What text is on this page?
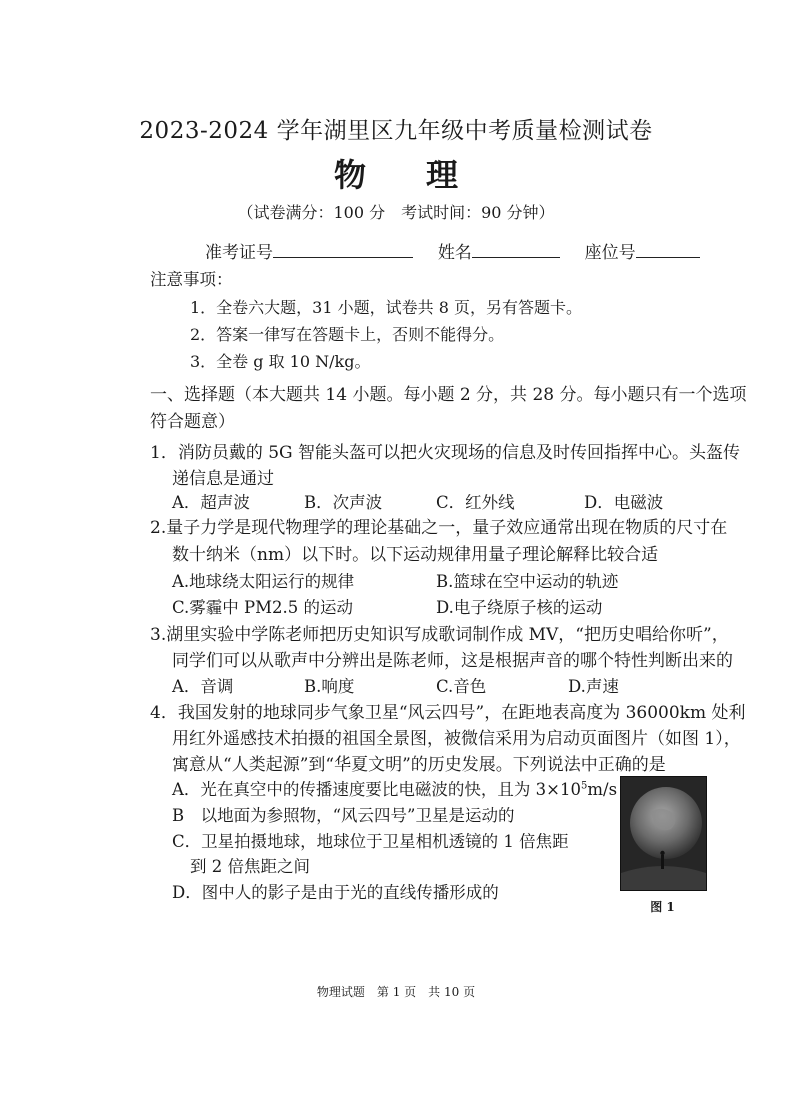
2023-2024 学年湖里区九年级中考质量检测试卷
物 理
（试卷满分：100 分　考试时间：90 分钟）
准考证号	姓名	座位号
注意事项：
1．全卷六大题，31 小题，试卷共 8 页，另有答题卡。
2．答案一律写在答题卡上，否则不能得分。
3．全卷 g 取 10 N/kg。
一、选择题（本大题共 14 小题。每小题 2 分，共 28 分。每小题只有一个选项
符合题意）
1．消防员戴的 5G 智能头盔可以把火灾现场的信息及时传回指挥中心。头盔传
递信息是通过
A．超声波	B．次声波	C．红外线	D．电磁波
2.量子力学是现代物理学的理论基础之一，量子效应通常出现在物质的尺寸在
数十纳米（nm）以下时。以下运动规律用量子理论解释比较合适
A.地球绕太阳运行的规律	B.篮球在空中运动的轨迹
C.雾霾中 PM2.5 的运动	D.电子绕原子核的运动
3.湖里实验中学陈老师把历史知识写成歌词制作成 MV，“把历史唱给你听”，
同学们可以从歌声中分辨出是陈老师，这是根据声音的哪个特性判断出来的
A．音调	B.响度	C.音色	D.声速
4．我国发射的地球同步气象卫星“风云四号”，在距地表高度为 36000km 处利
用红外遥感技术拍摄的祖国全景图，被微信采用为启动页面图片（如图 1），
寓意从“人类起源”到“华夏文明”的历史发展。下列说法中正确的是
A．光在真空中的传播速度要比电磁波的快，且为 $3\times 10^5m/s$
B　以地面为参照物，“风云四号”卫星是运动的
C．卫星拍摄地球，地球位于卫星相机透镜的 1 倍焦距
到 2 倍焦距之间
D．图中人的影子是由于光的直线传播形成的
图 1
物理试题　第 1 页　共 10 页
